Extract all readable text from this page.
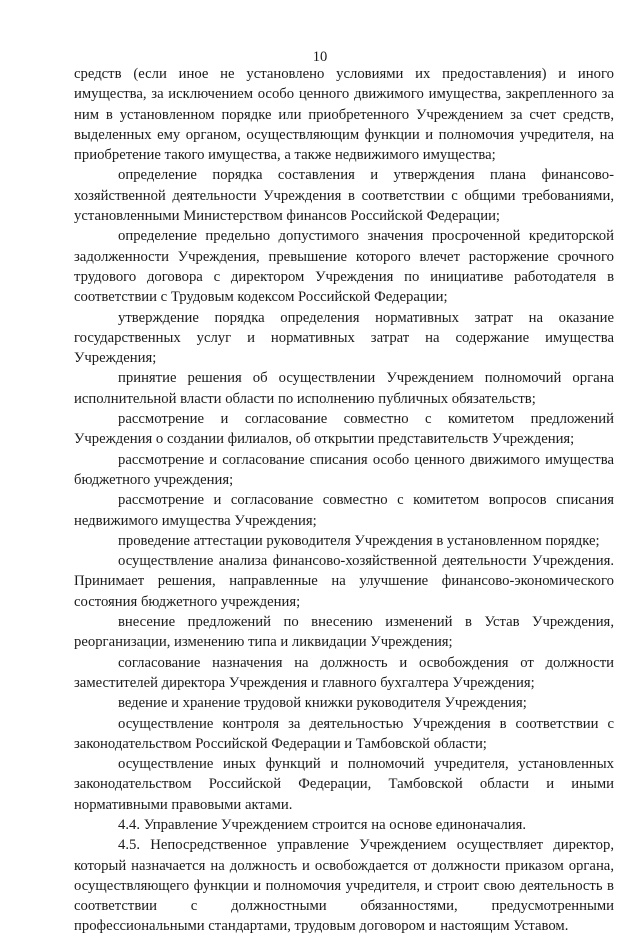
10

средств (если иное не установлено условиями их предоставления) и иного имущества, за исключением особо ценного движимого имущества, закрепленного за ним в установленном порядке или приобретенного Учреждением за счет средств, выделенных ему органом, осуществляющим функции и полномочия учредителя, на приобретение такого имущества, а также недвижимого имущества;

определение порядка составления и утверждения плана финансово-хозяйственной деятельности Учреждения в соответствии с общими требованиями, установленными Министерством финансов Российской Федерации;

определение предельно допустимого значения просроченной кредиторской задолженности Учреждения, превышение которого влечет расторжение срочного трудового договора с директором Учреждения по инициативе работодателя в соответствии с Трудовым кодексом Российской Федерации;

утверждение порядка определения нормативных затрат на оказание государственных услуг и нормативных затрат на содержание имущества Учреждения;

принятие решения об осуществлении Учреждением полномочий органа исполнительной власти области по исполнению публичных обязательств;

рассмотрение и согласование совместно с комитетом предложений Учреждения о создании филиалов, об открытии представительств Учреждения;

рассмотрение и согласование списания особо ценного движимого имущества бюджетного учреждения;

рассмотрение и согласование совместно с комитетом вопросов списания недвижимого имущества Учреждения;

проведение аттестации руководителя Учреждения в установленном порядке;

осуществление анализа финансово-хозяйственной деятельности Учреждения. Принимает решения, направленные на улучшение финансово-экономического состояния бюджетного учреждения;

внесение предложений по внесению изменений в Устав Учреждения, реорганизации, изменению типа и ликвидации Учреждения;

согласование назначения на должность и освобождения от должности заместителей директора Учреждения и главного бухгалтера Учреждения;

ведение и хранение трудовой книжки руководителя Учреждения;

осуществление контроля за деятельностью Учреждения в соответствии с законодательством Российской Федерации и Тамбовской области;

осуществление иных функций и полномочий учредителя, установленных законодательством Российской Федерации, Тамбовской области и иными нормативными правовыми актами.

4.4. Управление Учреждением строится на основе единоначалия.

4.5. Непосредственное управление Учреждением осуществляет директор, который назначается на должность и освобождается от должности приказом органа, осуществляющего функции и полномочия учредителя, и строит свою деятельность в соответствии с должностными обязанностями, предусмотренными профессиональными стандартами, трудовым договором и настоящим Уставом.
